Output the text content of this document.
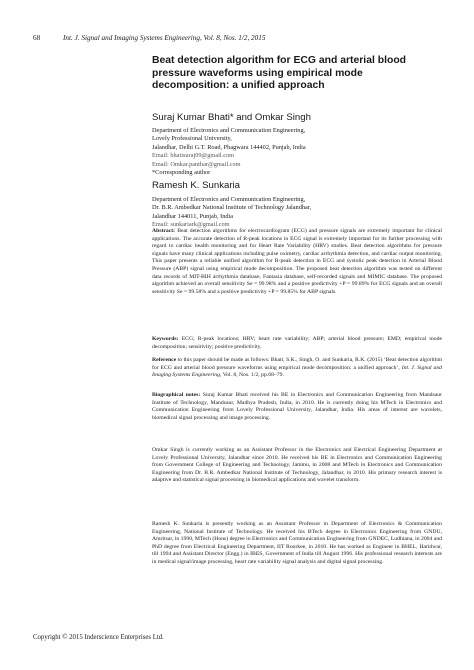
68	Int. J. Signal and Imaging Systems Engineering, Vol. 8, Nos. 1/2, 2015
Beat detection algorithm for ECG and arterial blood pressure waveforms using empirical mode decomposition: a unified approach
Suraj Kumar Bhati* and Omkar Singh
Department of Electronics and Communication Engineering,
Lovely Professional University,
Jalandhar, Delhi G.T. Road, Phagwara 144402, Punjab, India
Email: bhatisuraj09@gmail.com
Email: Omkar.panthar@gmail.com
*Corresponding author
Ramesh K. Sunkaria
Department of Electronics and Communication Engineering,
Dr. B.R. Ambedkar National Institute of Technology Jalandhar,
Jalandhar 144011, Punjab, India
Email: sunkariark@gmail.com

Abstract: Beat detection algorithms for electrocardiogram (ECG) and pressure signals are extremely important for clinical applications. The accurate detection of R-peak locations in ECG signal is extremely important for its further processing with regard to cardiac health monitoring and for Heart Rate Variability (HRV) studies. Beat detection algorithms for pressure signals have many clinical applications including pulse oximetry, cardiac arrhythmia detection, and cardiac output monitoring. This paper presents a reliable unified algorithm for R-peak detection in ECG and systolic peak detection in Arterial Blood Pressure (ABP) signal using empirical mode decomposition. The proposed beat detection algorithm was tested on different data records of MIT-BIH arrhythmia database, Fantasia database, self-recorded signals and MIMIC database. The proposed algorithm achieved an overall sensitivity Se = 99.98% and a positive predictivity +P = 99.89% for ECG signals and an overall sensitivity Se = 99.58% and a positive predictivity +P = 99.85% for ABP signals.

Keywords: ECG; R-peak locations; HRV; heart rate variability; ABP; arterial blood pressure; EMD; empirical mode decomposition; sensitivity; positive predictivity.

Reference to this paper should be made as follows: Bhati, S.K., Singh, O. and Sunkaria, R.K. (2015) ‘Beat detection algorithm for ECG and arterial blood pressure waveforms using empirical mode decomposition: a unified approach’, Int. J. Signal and Imaging Systems Engineering, Vol. 8, Nos. 1/2, pp.68–79.

Biographical notes: Suraj Kumar Bhati received his BE in Electronics and Communication Engineering from Mandsaur Institute of Technology, Mandsaur, Madhya Pradesh, India, in 2010. He is currently doing his MTech in Electronics and Communication Engineering from Lovely Professional University, Jalandhar, India. His areas of interest are wavelets, biomedical signal processing and image processing.

Omkar Singh is currently working as an Assistant Professor in the Electronics and Electrical Engineering Department at Lovely Professional University, Jalandhar since 2010. He received his BE in Electronics and Communication Engineering from Government College of Engineering and Technology, Jammu, in 2008 and MTech in Electronics and Communication Engineering from Dr. B.R. Ambedkar National Institute of Technology, Jalandhar, in 2010. His primary research interest is adaptive and statistical signal processing in biomedical applications and wavelet transform.

Ramesh K. Sunkaria is presently working as an Assistant Professor in Department of Electronics & Communication Engineering, National Institute of Technology. He received his BTech degree in Electronics Engineering from GNDU, Amritsar, in 1990, MTech (Hons) degree in Electronics and Communication Engineering from GNDEC, Ludhiana, in 2004 and PhD degree from Electrical Engineering Department, IIT Roorkee, in 2010. He has worked as Engineer in BHEL, Haridwar, till 1994 and Assistant Director (Engg.) in IBES, Government of India till August 1996. His professional research interests are in medical signal/image processing, heart rate variability signal analysis and digital signal processing.

Copyright © 2015 Inderscience Enterprises Ltd.
